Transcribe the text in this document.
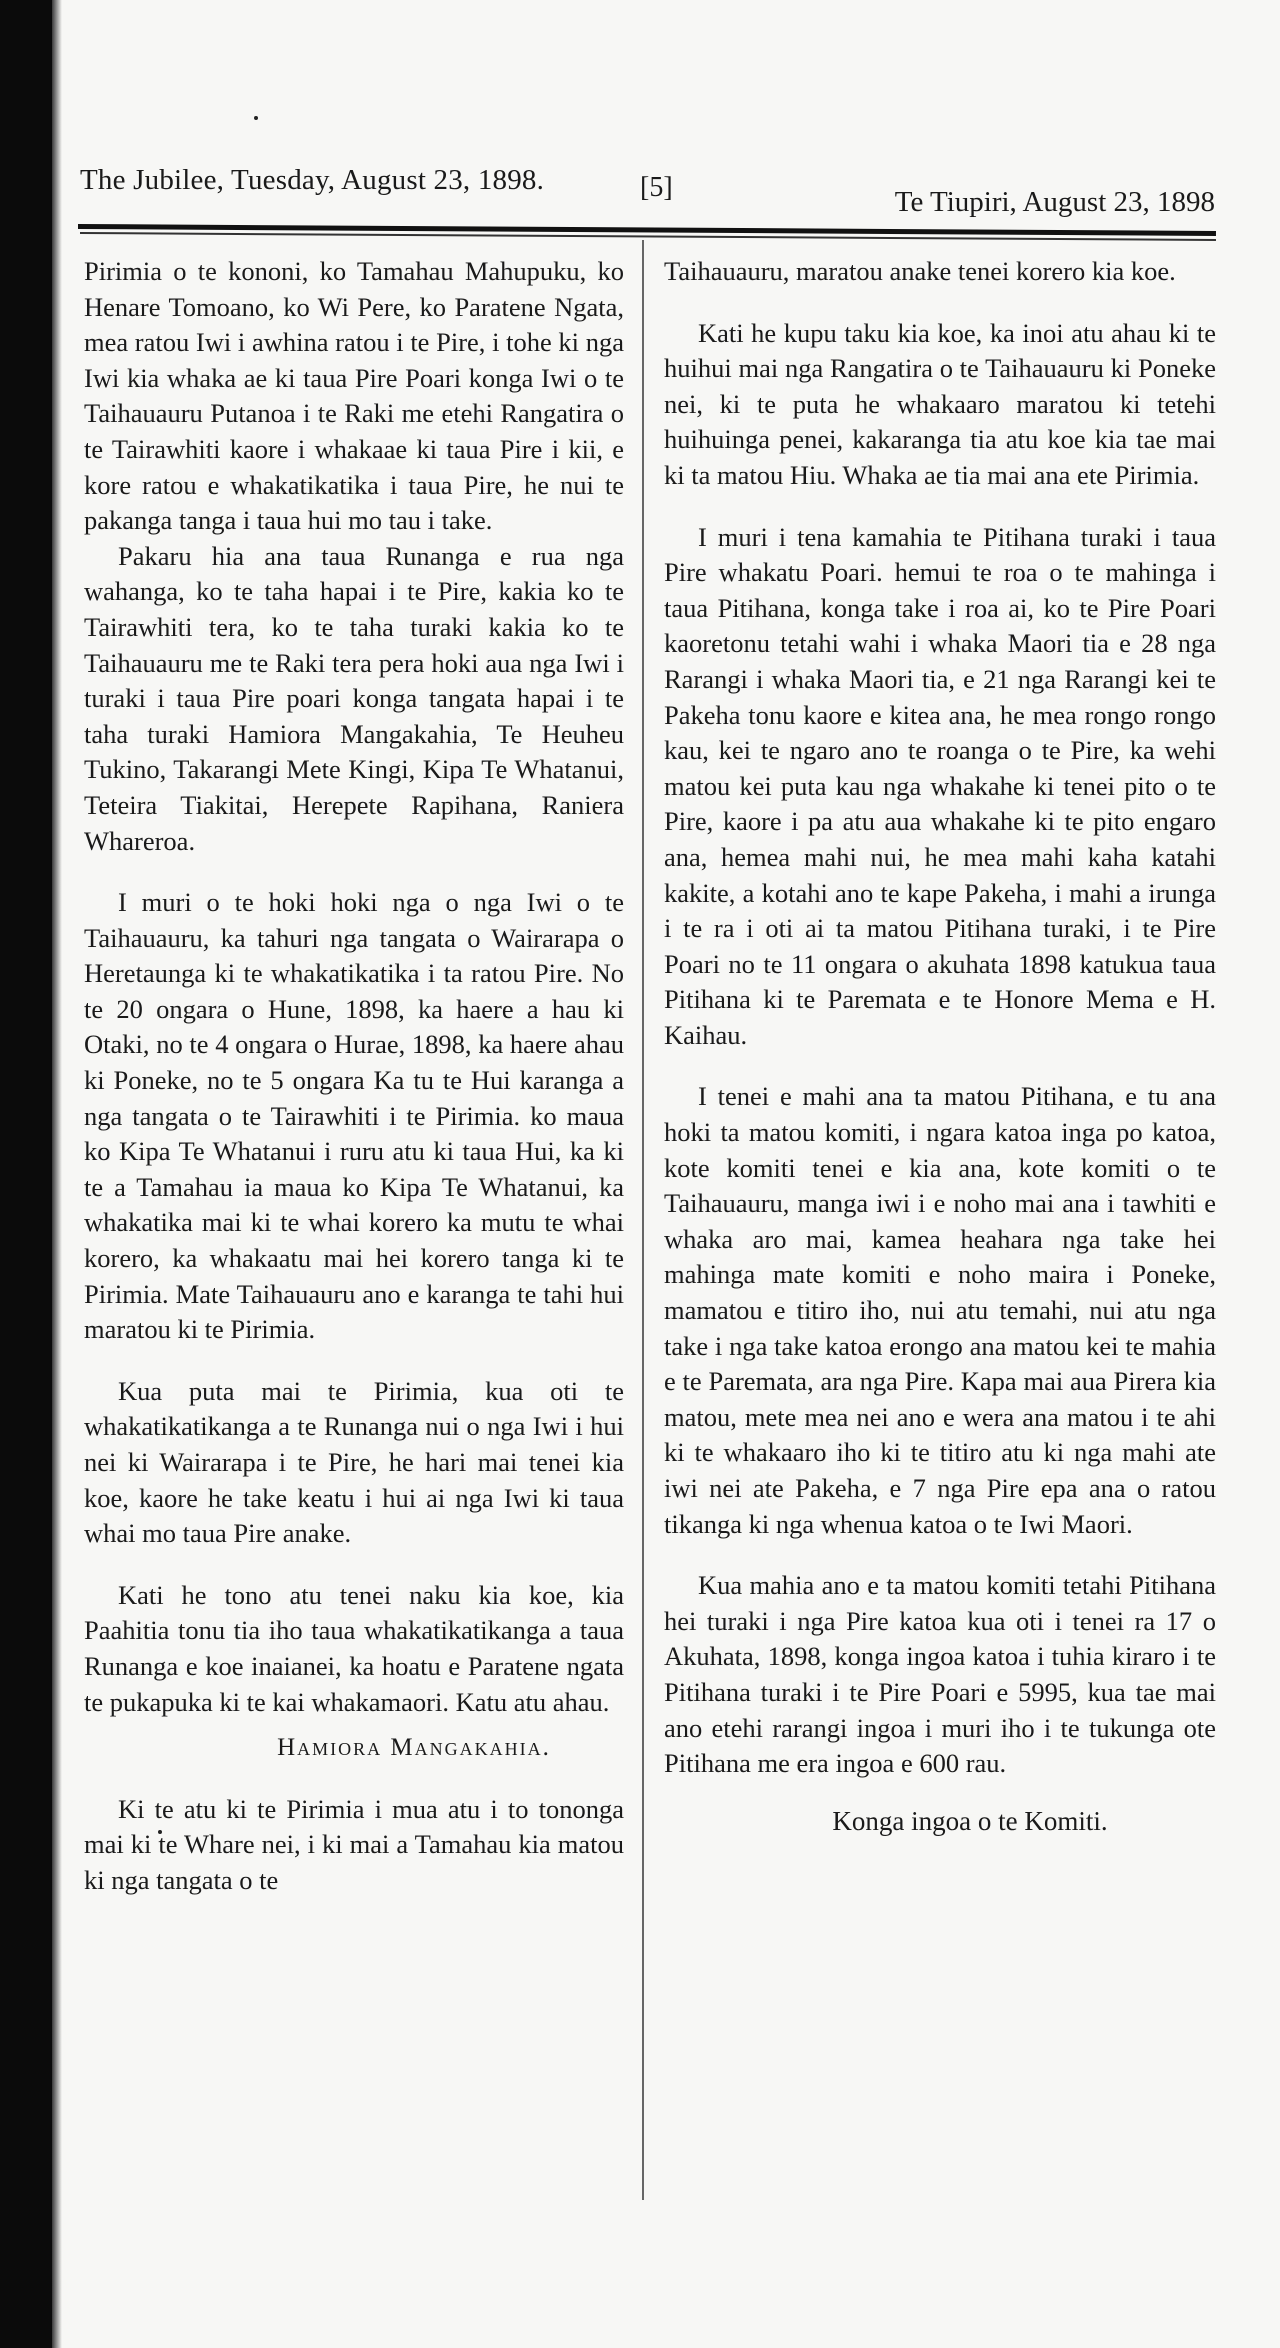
The Jubilee, Tuesday, August 23, 1898.	[5]	Te Tiupiri, August 23, 1898

Pirimia o te kononi, ko Tamahau Mahupuku, ko Henare Tomoano, ko Wi Pere, ko Paratene Ngata, mea ratou Iwi i awhina ratou i te Pire, i tohe ki nga Iwi kia whaka ae ki taua Pire Poari konga Iwi o te Taihauauru Putanoa i te Raki me etehi Rangatira o te Tairawhiti kaore i whakaae ki taua Pire i kii, e kore ratou e whakatikatika i taua Pire, he nui te pakanga tanga i taua hui mo tau i take.

Pakaru hia ana taua Runanga e rua nga wahanga, ko te taha hapai i te Pire, kakia ko te Tairawhiti tera, ko te taha turaki kakia ko te Taihauauru me te Raki tera pera hoki aua nga Iwi i turaki i taua Pire poari konga tangata hapai i te taha turaki Hamiora Mangakahia, Te Heuheu Tukino, Takarangi Mete Kingi, Kipa Te Whatanui, Teteira Tiakitai, Herepete Rapihana, Raniera Whareroa.

I muri o te hoki hoki nga o nga Iwi o te Taihauauru, ka tahuri nga tangata o Wairarapa o Heretaunga ki te whakatikatika i ta ratou Pire. No te 20 ongara o Hune, 1898, ka haere a hau ki Otaki, no te 4 ongara o Hurae, 1898, ka haere ahau ki Poneke, no te 5 ongara Ka tu te Hui karanga a nga tangata o te Tairawhiti i te Pirimia. ko maua ko Kipa Te Whatanui i ruru atu ki taua Hui, ka ki te a Tamahau ia maua ko Kipa Te Whatanui, ka whakatika mai ki te whai korero ka mutu te whai korero, ka whakaatu mai hei korero tanga ki te Pirimia. Mate Taihauauru ano e karanga te tahi hui maratou ki te Pirimia.

Kua puta mai te Pirimia, kua oti te whakatikatikanga a te Runanga nui o nga Iwi i hui nei ki Wairarapa i te Pire, he hari mai tenei kia koe, kaore he take keatu i hui ai nga Iwi ki taua whai mo taua Pire anake.

Kati he tono atu tenei naku kia koe, kia Paahitia tonu tia iho taua whakatikatikanga a taua Runanga e koe inaianei, ka hoatu e Paratene ngata te pukapuka ki te kai whakamaori. Katu atu ahau.

Hamiora Mangakahia.

Ki te atu ki te Pirimia i mua atu i to tononga mai ki te Whare nei, i ki mai a Tamahau kia matou ki nga tangata o te

Taihauauru, maratou anake tenei korero kia koe.

Kati he kupu taku kia koe, ka inoi atu ahau ki te huihui mai nga Rangatira o te Taihauauru ki Poneke nei, ki te puta he whakaaro maratou ki tetehi huihuinga penei, kakaranga tia atu koe kia tae mai ki ta matou Hiu. Whaka ae tia mai ana ete Pirimia.

I muri i tena kamahia te Pitihana turaki i taua Pire whakatu Poari. hemui te roa o te mahinga i taua Pitihana, konga take i roa ai, ko te Pire Poari kaoretonu tetahi wahi i whaka Maori tia e 28 nga Rarangi i whaka Maori tia, e 21 nga Rarangi kei te Pakeha tonu kaore e kitea ana, he mea rongo rongo kau, kei te ngaro ano te roanga o te Pire, ka wehi matou kei puta kau nga whakahe ki tenei pito o te Pire, kaore i pa atu aua whakahe ki te pito engaro ana, hemea mahi nui, he mea mahi kaha katahi kakite, a kotahi ano te kape Pakeha, i mahi a irunga i te ra i oti ai ta matou Pitihana turaki, i te Pire Poari no te 11 ongara o akuhata 1898 katukua taua Pitihana ki te Paremata e te Honore Mema e H. Kaihau.

I tenei e mahi ana ta matou Pitihana, e tu ana hoki ta matou komiti, i ngara katoa inga po katoa, kote komiti tenei e kia ana, kote komiti o te Taihauauru, manga iwi i e noho mai ana i tawhiti e whaka aro mai, kamea heahara nga take hei mahinga mate komiti e noho maira i Poneke, mamatou e titiro iho, nui atu temahi, nui atu nga take i nga take katoa erongo ana matou kei te mahia e te Paremata, ara nga Pire. Kapa mai aua Pirera kia matou, mete mea nei ano e wera ana matou i te ahi ki te whakaaro iho ki te titiro atu ki nga mahi ate iwi nei ate Pakeha, e 7 nga Pire epa ana o ratou tikanga ki nga whenua katoa o te Iwi Maori.

Kua mahia ano e ta matou komiti tetahi Pitihana hei turaki i nga Pire katoa kua oti i tenei ra 17 o Akuhata, 1898, konga ingoa katoa i tuhia kiraro i te Pitihana turaki i te Pire Poari e 5995, kua tae mai ano etehi rarangi ingoa i muri iho i te tukunga ote Pitihana me era ingoa e 600 rau.

Konga ingoa o te Komiti.
